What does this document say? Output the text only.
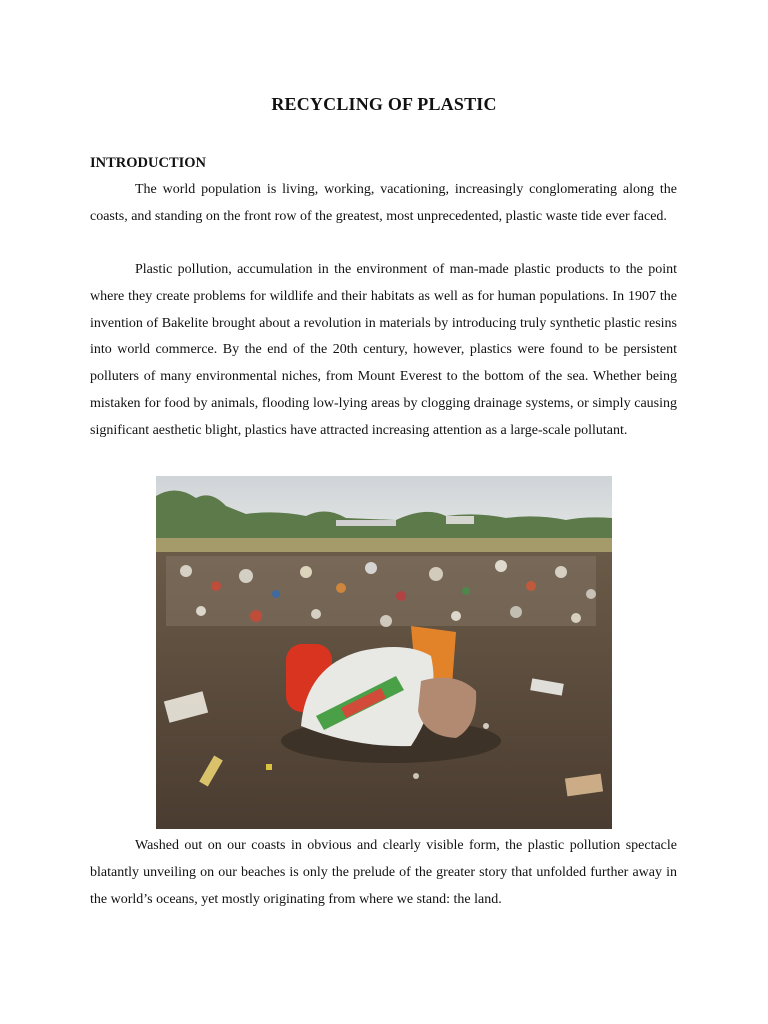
RECYCLING OF PLASTIC
INTRODUCTION

The world population is living, working, vacationing, increasingly conglomerating along the coasts, and standing on the front row of the greatest, most unprecedented, plastic waste tide ever faced.

Plastic pollution, accumulation in the environment of man-made plastic products to the point where they create problems for wildlife and their habitats as well as for human populations. In 1907 the invention of Bakelite brought about a revolution in materials by introducing truly synthetic plastic resins into world commerce. By the end of the 20th century, however, plastics were found to be persistent polluters of many environmental niches, from Mount Everest to the bottom of the sea. Whether being mistaken for food by animals, flooding low-lying areas by clogging drainage systems, or simply causing significant aesthetic blight, plastics have attracted increasing attention as a large-scale pollutant.

Washed out on our coasts in obvious and clearly visible form, the plastic pollution spectacle blatantly unveiling on our beaches is only the prelude of the greater story that unfolded further away in the world’s oceans, yet mostly originating from where we stand: the land.
